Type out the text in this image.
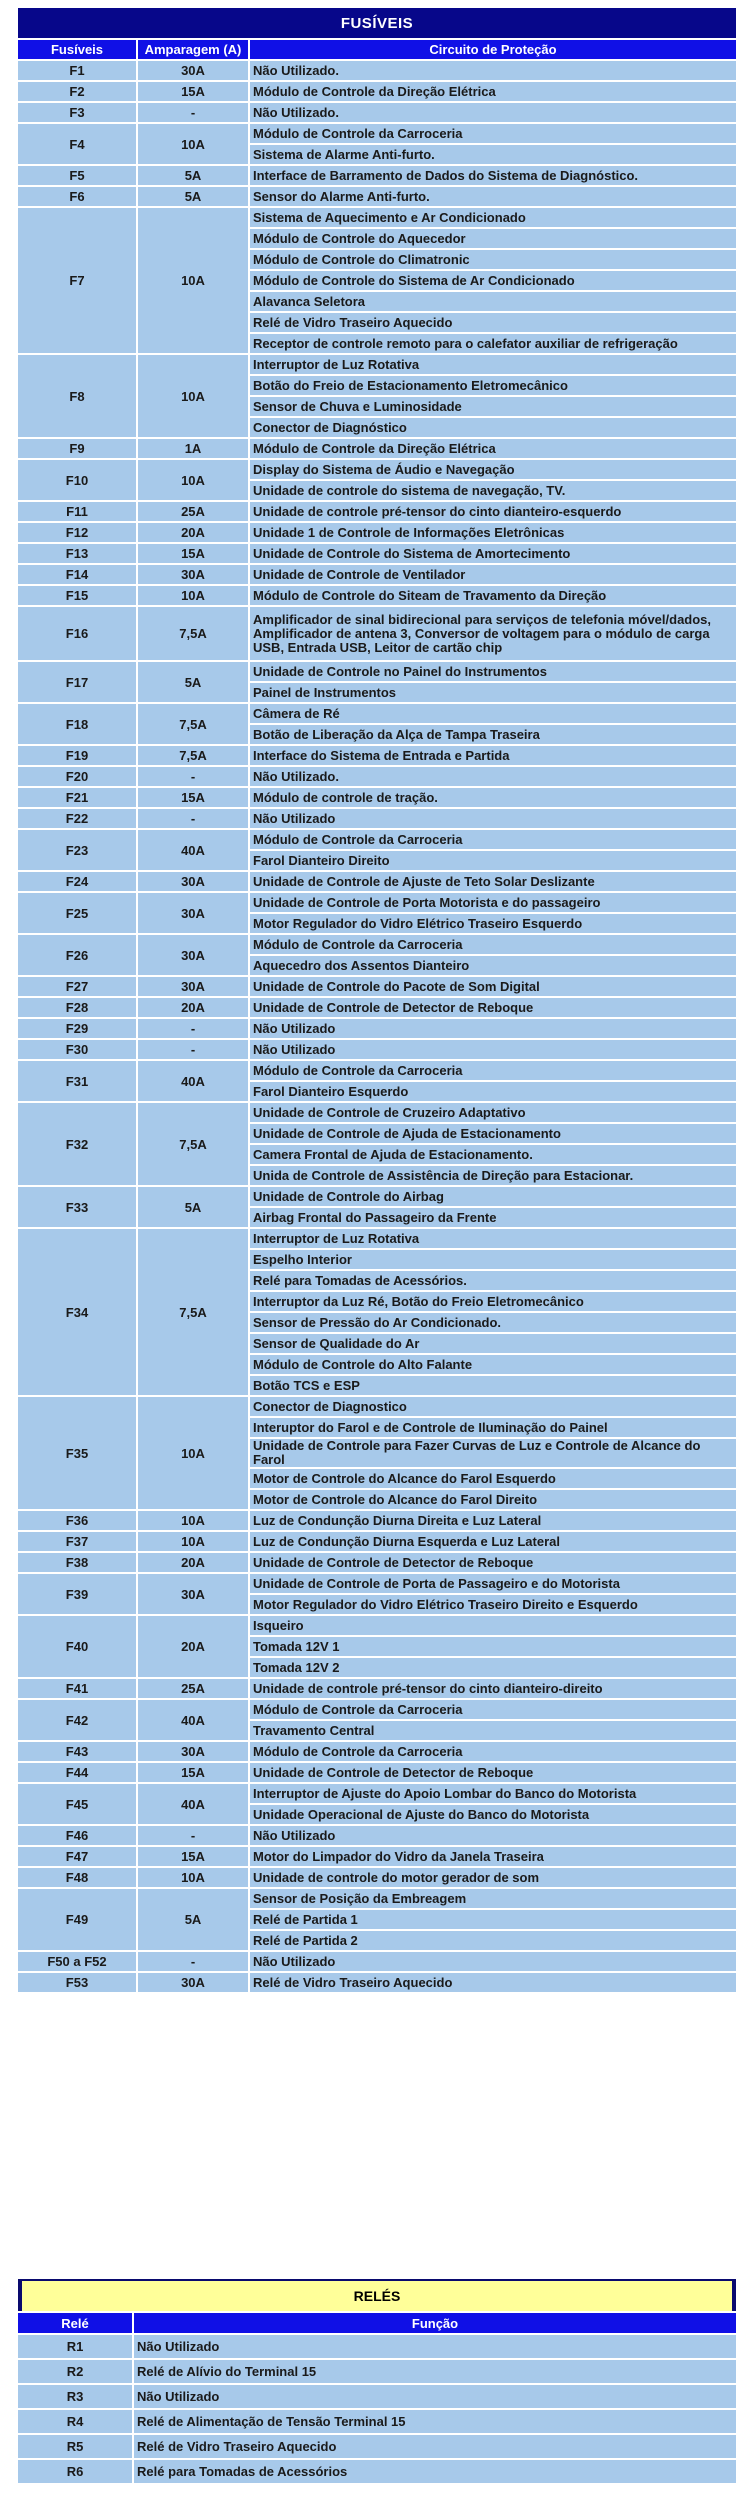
FUSÍVEIS		
Fusíveis	Amparagem (A)	Circuito de Proteção
F1	30A	Não Utilizado.
F2	15A	Módulo de Controle da Direção Elétrica
F3	-	Não Utilizado.
F4	10A	Módulo de Controle da Carroceria
		Sistema de Alarme Anti-furto.
F5	5A	Interface de Barramento de Dados do Sistema de Diagnóstico.
F6	5A	Sensor do Alarme Anti-furto.
F7	10A	Sistema de Aquecimento e Ar Condicionado
		Módulo de Controle do Aquecedor
		Módulo de Controle do Climatronic
		Módulo de Controle do Sistema de Ar Condicionado
		Alavanca Seletora
		Relé de Vidro Traseiro Aquecido
		Receptor de controle remoto para o calefator auxiliar de refrigeração
F8	10A	Interruptor de Luz Rotativa
		Botão do Freio de Estacionamento Eletromecânico
		Sensor de Chuva e Luminosidade
		Conector de Diagnóstico
F9	1A	Módulo de Controle da Direção Elétrica
F10	10A	Display do Sistema de Áudio e Navegação
		Unidade de controle do sistema de navegação, TV.
F11	25A	Unidade de controle pré-tensor do cinto dianteiro-esquerdo
F12	20A	Unidade 1 de Controle de Informações Eletrônicas
F13	15A	Unidade de Controle do Sistema de Amortecimento
F14	30A	Unidade de Controle de Ventilador
F15	10A	Módulo de Controle do Siteam de Travamento da Direção
F16	7,5A	Amplificador de sinal bidirecional para serviços de telefonia móvel/dados, Amplificador de antena 3, Conversor de voltagem para o módulo de carga USB, Entrada USB, Leitor de cartão chip
F17	5A	Unidade de Controle no Painel do Instrumentos
		Painel de Instrumentos
F18	7,5A	Câmera de Ré
		Botão de Liberação da Alça de Tampa Traseira
F19	7,5A	Interface do Sistema de Entrada e Partida
F20	-	Não Utilizado.
F21	15A	Módulo de controle de tração.
F22	-	Não Utilizado
F23	40A	Módulo de Controle da Carroceria
		Farol Dianteiro Direito
F24	30A	Unidade de Controle de Ajuste de Teto Solar Deslizante
F25	30A	Unidade de Controle de Porta Motorista e do passageiro
		Motor Regulador do Vidro Elétrico Traseiro Esquerdo
F26	30A	Módulo de Controle da Carroceria
		Aquecedro dos Assentos Dianteiro
F27	30A	Unidade de Controle do Pacote de Som Digital
F28	20A	Unidade de Controle de Detector de Reboque
F29	-	Não Utilizado
F30	-	Não Utilizado
F31	40A	Módulo de Controle da Carroceria
		Farol Dianteiro Esquerdo
F32	7,5A	Unidade de Controle de Cruzeiro Adaptativo
		Unidade de Controle de Ajuda de Estacionamento
		Camera Frontal de Ajuda de Estacionamento.
		Unida de Controle de Assistência de Direção para Estacionar.
F33	5A	Unidade de Controle do Airbag
		Airbag Frontal do Passageiro da Frente
F34	7,5A	Interruptor de Luz Rotativa
		Espelho Interior
		Relé para Tomadas de Acessórios.
		Interruptor da Luz Ré, Botão do Freio Eletromecânico
		Sensor de Pressão do Ar Condicionado.
		Sensor de Qualidade do Ar
		Módulo de Controle do Alto Falante
		Botão TCS e ESP
F35	10A	Conector de Diagnostico
		Interuptor do Farol e de Controle de Iluminação do Painel
		Unidade de Controle para Fazer Curvas de Luz e Controle de Alcance do Farol
		Motor de Controle do Alcance do Farol Esquerdo
		Motor de Controle do Alcance do Farol Direito
F36	10A	Luz de Condunção Diurna Direita e Luz Lateral
F37	10A	Luz de Condunção Diurna Esquerda e Luz Lateral
F38	20A	Unidade de Controle de Detector de Reboque
F39	30A	Unidade de Controle de Porta de Passageiro e do Motorista
		Motor Regulador do Vidro Elétrico Traseiro Direito e Esquerdo
F40	20A	Isqueiro
		Tomada 12V 1
		Tomada 12V 2
F41	25A	Unidade de controle pré-tensor do cinto dianteiro-direito
F42	40A	Módulo de Controle da Carroceria
		Travamento Central
F43	30A	Módulo de Controle da Carroceria
F44	15A	Unidade de Controle de Detector de Reboque
F45	40A	Interruptor de Ajuste do Apoio Lombar do Banco do Motorista
		Unidade Operacional de Ajuste do Banco do Motorista
F46	-	Não Utilizado
F47	15A	Motor do Limpador do Vidro da Janela Traseira
F48	10A	Unidade de controle do motor gerador de som
F49	5A	Sensor de Posição da Embreagem
		Relé de Partida 1
		Relé de Partida 2
F50 a F52	-	Não Utilizado
F53	30A	Relé de Vidro Traseiro Aquecido
RELÉS	
Relé	Função
R1	Não Utilizado
R2	Relé de Alívio do Terminal 15
R3	Não Utilizado
R4	Relé de Alimentação de Tensão Terminal 15
R5	Relé de Vidro Traseiro Aquecido
R6	Relé para Tomadas de Acessórios
